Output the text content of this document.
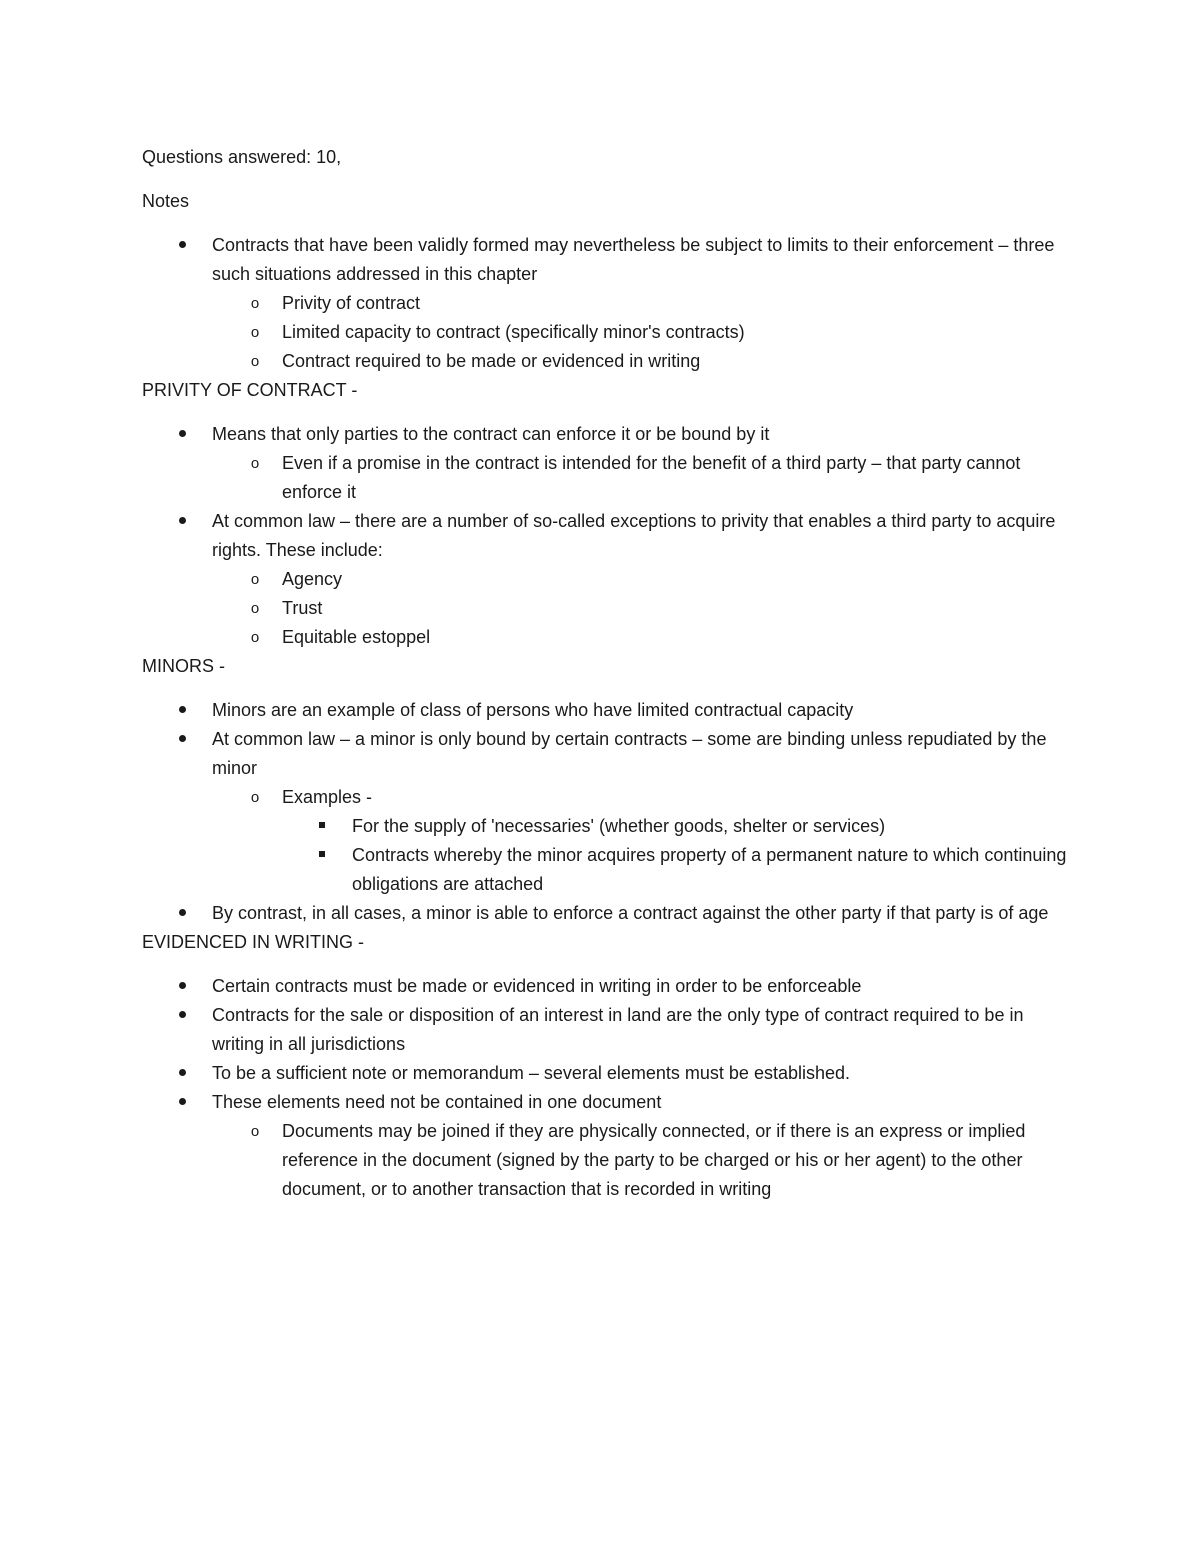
Questions answered: 10,

Notes

Contracts that have been validly formed may nevertheless be subject to limits to their enforcement – three such situations addressed in this chapter
o	Privity of contract
o	Limited capacity to contract (specifically minor's contracts)
o	Contract required to be made or evidenced in writing

PRIVITY OF CONTRACT -

Means that only parties to the contract can enforce it or be bound by it
o	Even if a promise in the contract is intended for the benefit of a third party – that party cannot enforce it
At common law – there are a number of so-called exceptions to privity that enables a third party to acquire rights. These include:
o	Agency
o	Trust
o	Equitable estoppel

MINORS -

Minors are an example of class of persons who have limited contractual capacity
At common law – a minor is only bound by certain contracts – some are binding unless repudiated by the minor
o	Examples -
For the supply of 'necessaries' (whether goods, shelter or services)
Contracts whereby the minor acquires property of a permanent nature to which continuing obligations are attached
By contrast, in all cases, a minor is able to enforce a contract against the other party if that party is of age

EVIDENCED IN WRITING -

Certain contracts must be made or evidenced in writing in order to be enforceable
Contracts for the sale or disposition of an interest in land are the only type of contract required to be in writing in all jurisdictions
To be a sufficient note or memorandum – several elements must be established.
These elements need not be contained in one document
o	Documents may be joined if they are physically connected, or if there is an express or implied reference in the document (signed by the party to be charged or his or her agent) to the other document, or to another transaction that is recorded in writing
